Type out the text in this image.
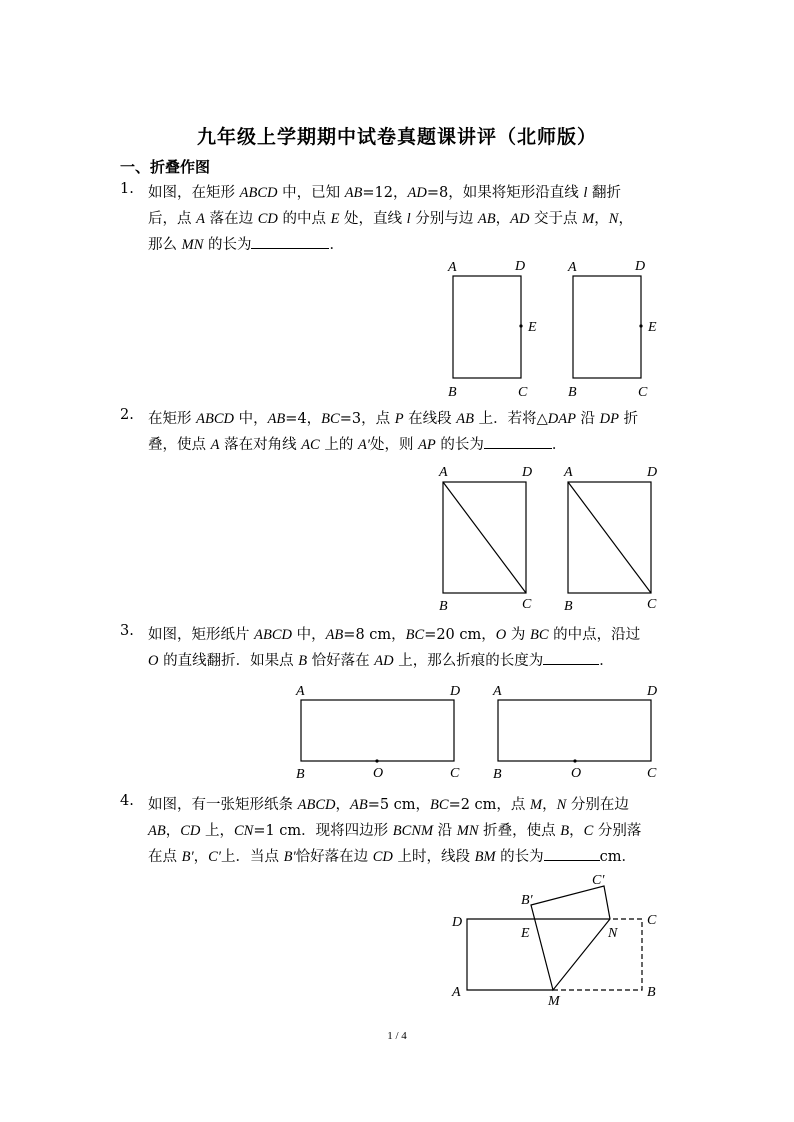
九年级上学期期中试卷真题课讲评（北师版）
一、折叠作图
1. 如图，在矩形 ABCD 中，已知 AB=12，AD=8，如果将矩形沿直线 l 翻折
后，点 A 落在边 CD 的中点 E 处，直线 l 分别与边 AB，AD 交于点 M，N，
那么 MN 的长为	．
A	D
E
B	C
A	D
E
B	C
2. 在矩形 ABCD 中，AB=4，BC=3，点 P 在线段 AB 上．若将△DAP 沿 DP 折
叠，使点 A 落在对角线 AC 上的 A′处，则 AP 的长为	．
A	D
B	C
A	D
B	C
3. 如图，矩形纸片 ABCD 中，AB=8 cm，BC=20 cm，O 为 BC 的中点，沿过
O 的直线翻折．如果点 B 恰好落在 AD 上，那么折痕的长度为	．
A	D
B	O	C
A	D
B	O	C
4. 如图，有一张矩形纸条 ABCD，AB=5 cm，BC=2 cm，点 M，N 分别在边
AB，CD 上，CN=1 cm．现将四边形 BCNM 沿 MN 折叠，使点 B，C 分别落
在点 B′，C′上．当点 B′恰好落在边 CD 上时，线段 BM 的长为	cm．
C′
B′
D
E	N
C
A
M
B
1 / 4
